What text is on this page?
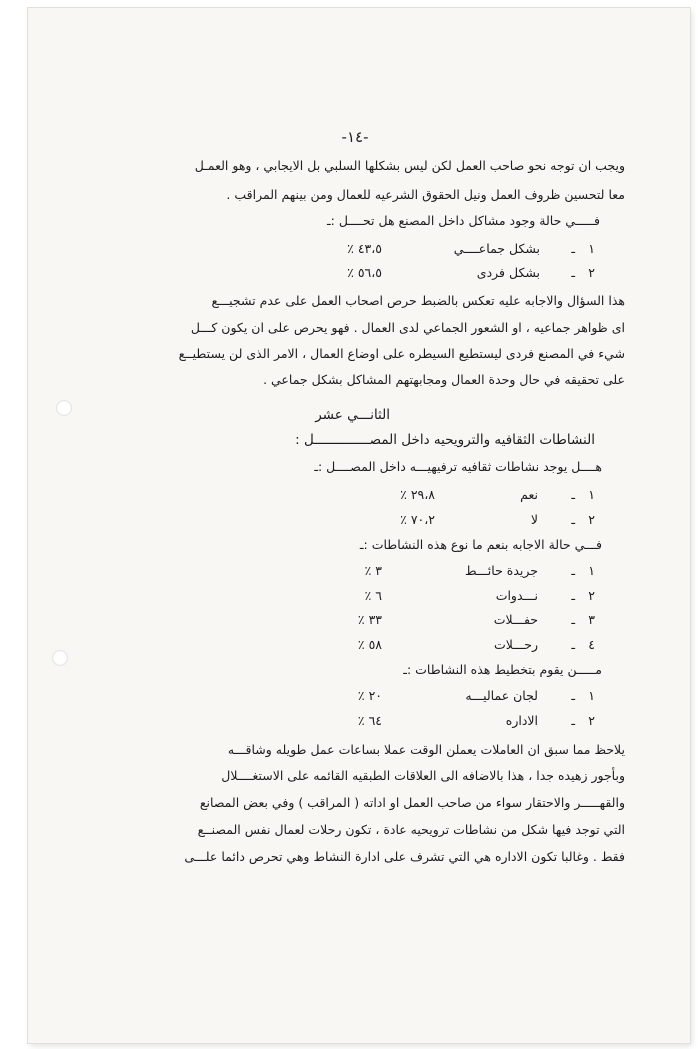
-١٤-
ويجب ان توجه نحو صاحب العمل لكن ليس بشكلها السلبي بل الايجابي ، وهو العمـل
معا لتحسين ظروف العمل ونيل الحقوق الشرعيه للعمال ومن بينهم المراقب .
فـــــي حالة وجود مشاكل داخل المصنع هل تحــــل :ـ
١
ـ
بشكل جماعــــي
٤٣،٥ ٪
٢
ـ
بشكل فردى
٥٦،٥ ٪
هذا السؤال والاجابه عليه تعكس بالضبط حرص اصحاب العمل على عدم تشجيـــع
اى ظواهر جماعيه ، او الشعور الجماعي لدى العمال . فهو يحرص على ان يكون كـــل
شيء في المصنع فردى ليستطيع السيطره على اوضاع العمال ، الامر الذى لن يستطيــع
على تحقيقه في حال وحدة العمال ومجابهتهم المشاكل بشكل جماعي .
الثانـــي عشر
النشاطات الثقافيه والترويحيه داخل المصــــــــــــــل :
هــــل يوجد نشاطات ثقافيه ترفيهيـــه داخل المصــــل :ـ
١
ـ
نعم
٢٩،٨ ٪
٢
ـ
لا
٧٠،٢ ٪
فـــي حالة الاجابه بنعم ما نوع هذه النشاطات :ـ
١
ـ
جريدة حائـــط
٣ ٪
٢
ـ
نـــدوات
٦ ٪
٣
ـ
حفـــلات
٣٣ ٪
٤
ـ
رحـــلات
٥٨ ٪
مـــــن يقوم بتخطيط هذه النشاطات :ـ
١
ـ
لجان عماليـــه
٢٠ ٪
٢
ـ
الاداره
٦٤ ٪
يلاحظ مما سبق ان العاملات يعملن الوقت عملا بساعات عمل طويله وشاقـــه
وبأجور زهيده جدا ، هذا بالاضافه الى العلاقات الطبقيه القائمه على الاستغــــلال
والقهـــــر والاحتقار سواء من صاحب العمل او اداته ( المراقب ) وفي بعض المصانع
التي توجد فيها شكل من نشاطات ترويحيه عادة ، تكون رحلات لعمال نفس المصنــع
فقط . وغالبا تكون الاداره هي التي تشرف على ادارة النشاط وهي تحرص دائما علـــى
